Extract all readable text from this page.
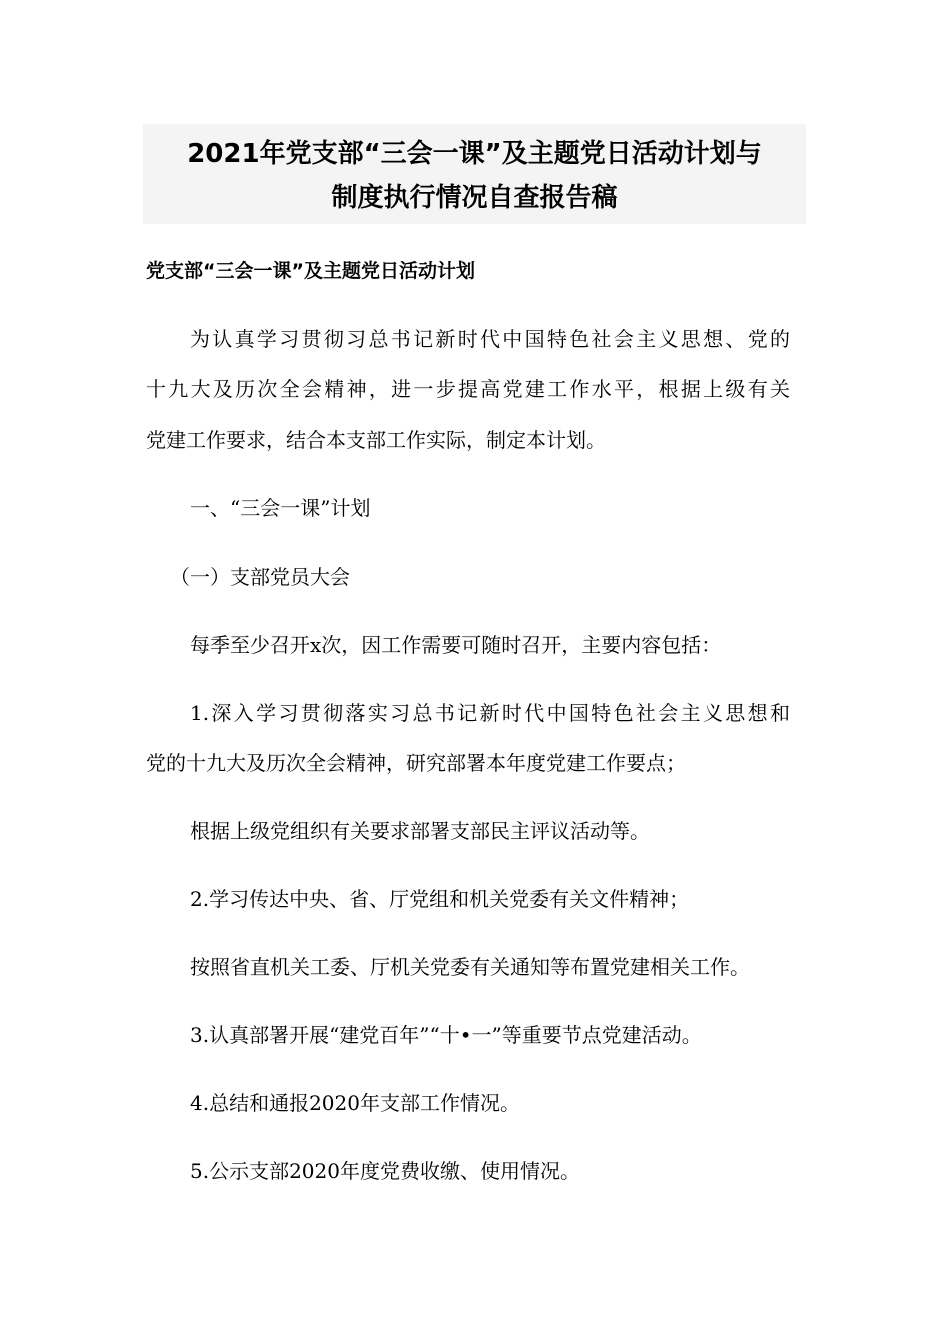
2021年党支部“三会一课”及主题党日活动计划与
制度执行情况自查报告稿
党支部“三会一课”及主题党日活动计划
为认真学习贯彻习总书记新时代中国特色社会主义思想、党的
十九大及历次全会精神，进一步提高党建工作水平，根据上级有关
党建工作要求，结合本支部工作实际，制定本计划。
一、“三会一课”计划
（一）支部党员大会
每季至少召开x次，因工作需要可随时召开，主要内容包括：
1.深入学习贯彻落实习总书记新时代中国特色社会主义思想和
党的十九大及历次全会精神，研究部署本年度党建工作要点；
根据上级党组织有关要求部署支部民主评议活动等。
2.学习传达中央、省、厅党组和机关党委有关文件精神；
按照省直机关工委、厅机关党委有关通知等布置党建相关工作。
3.认真部署开展“建党百年”“十•一”等重要节点党建活动。
4.总结和通报2020年支部工作情况。
5.公示支部2020年度党费收缴、使用情况。
